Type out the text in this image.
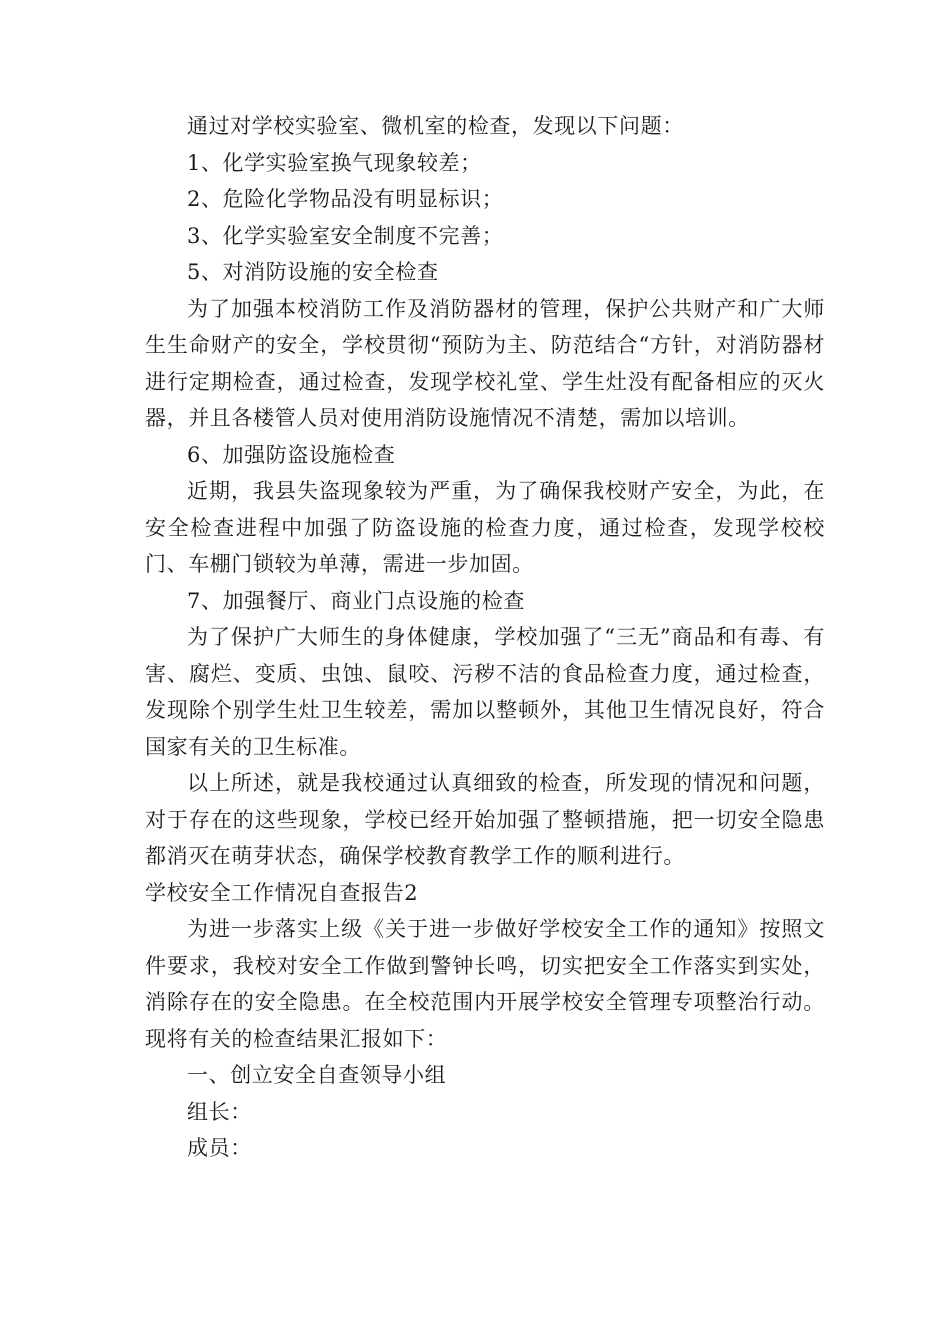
通过对学校实验室、微机室的检查，发现以下问题：

1、化学实验室换气现象较差；

2、危险化学物品没有明显标识；

3、化学实验室安全制度不完善；

5、对消防设施的安全检查

为了加强本校消防工作及消防器材的管理，保护公共财产和广大师生生命财产的安全，学校贯彻“预防为主、防范结合“方针，对消防器材进行定期检查，通过检查，发现学校礼堂、学生灶没有配备相应的灭火器，并且各楼管人员对使用消防设施情况不清楚，需加以培训。

6、加强防盗设施检查

近期，我县失盗现象较为严重，为了确保我校财产安全，为此，在安全检查进程中加强了防盗设施的检查力度，通过检查，发现学校校门、车棚门锁较为单薄，需进一步加固。

7、加强餐厅、商业门点设施的检查

为了保护广大师生的身体健康，学校加强了“三无”商品和有毒、有害、腐烂、变质、虫蚀、鼠咬、污秽不洁的食品检查力度，通过检查，发现除个别学生灶卫生较差，需加以整顿外，其他卫生情况良好，符合国家有关的卫生标准。

以上所述，就是我校通过认真细致的检查，所发现的情况和问题，对于存在的这些现象，学校已经开始加强了整顿措施，把一切安全隐患都消灭在萌芽状态，确保学校教育教学工作的顺利进行。

学校安全工作情况自查报告2

为进一步落实上级《关于进一步做好学校安全工作的通知》按照文件要求，我校对安全工作做到警钟长鸣，切实把安全工作落实到实处，消除存在的安全隐患。在全校范围内开展学校安全管理专项整治行动。现将有关的检查结果汇报如下：

一、创立安全自查领导小组

组长：

成员：
